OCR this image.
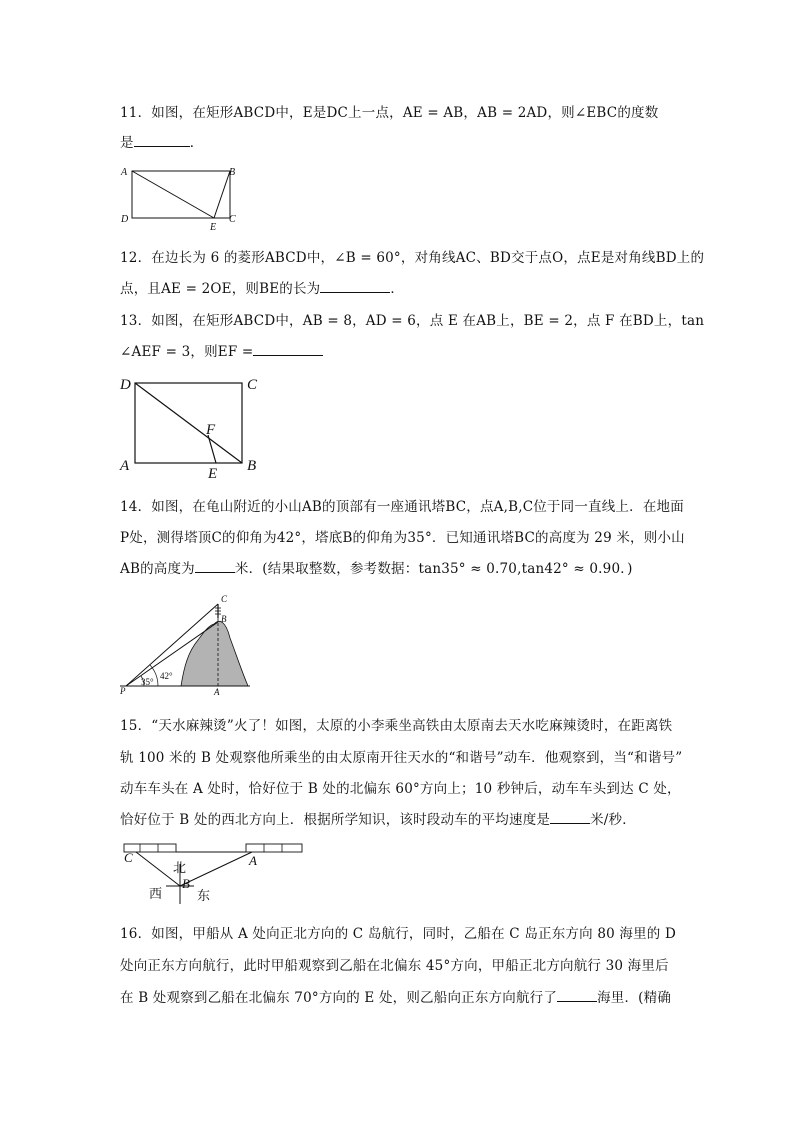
11．如图，在矩形ABCD中，E是DC上一点，AE = AB，AB = 2AD，则∠EBC的度数
是	．
A	B
D	C
E
12．在边长为 6 的菱形ABCD中，∠B = 60°，对角线AC、BD交于点O，点E是对角线BD上的
点，且AE = 2OE，则BE的长为	．
13．如图，在矩形ABCD中，AB = 8，AD = 6，点 E 在AB上，BE = 2，点 F 在BD上，tan
∠AEF = 3，则EF =
D	C
A	B
F
E
14．如图，在龟山附近的小山AB的顶部有一座通讯塔BC，点A,B,C位于同一直线上．在地面
P处，测得塔顶C的仰角为42°，塔底B的仰角为35°．已知通讯塔BC的高度为 29 米，则小山
AB的高度为	米．(结果取整数，参考数据：tan35° ≈ 0.70,tan42° ≈ 0.90．)
P	A
B
C
35°
42°
15．“天水麻辣烫”火了！如图，太原的小李乘坐高铁由太原南去天水吃麻辣烫时，在距离铁
轨 100 米的 B 处观察他所乘坐的由太原南开往天水的“和谐号”动车．他观察到，当“和谐号”
动车车头在 A 处时，恰好位于 B 处的北偏东 60°方向上；10 秒钟后，动车车头到达 C 处，
恰好位于 B 处的西北方向上．根据所学知识，该时段动车的平均速度是	米/秒．
C	A
B
北
西	东
16．如图，甲船从 A 处向正北方向的 C 岛航行，同时，乙船在 C 岛正东方向 80 海里的 D
处向正东方向航行，此时甲船观察到乙船在北偏东 45°方向，甲船正北方向航行 30 海里后
在 B 处观察到乙船在北偏东 70°方向的 E 处，则乙船向正东方向航行了	海里．(精确
